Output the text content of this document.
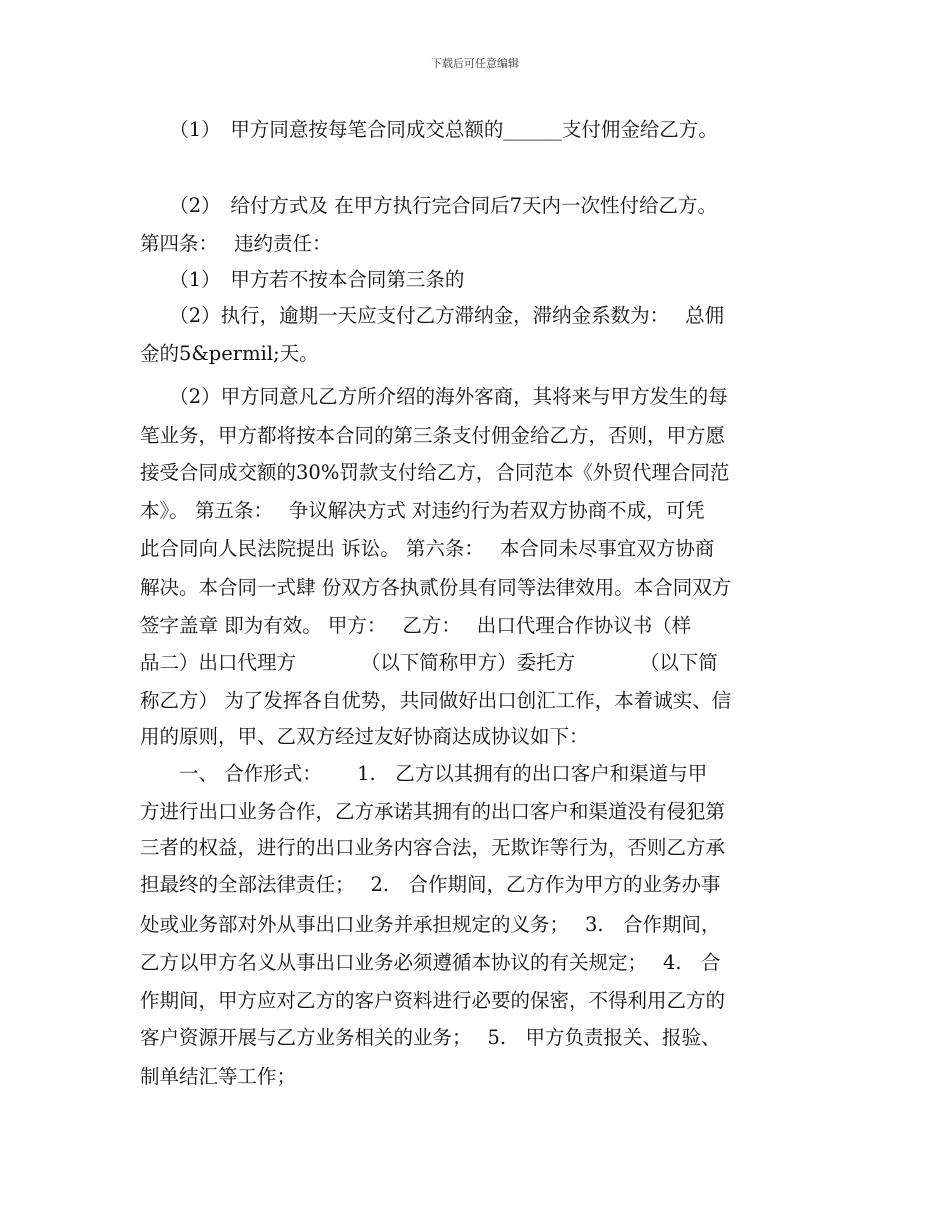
下载后可任意编辑
　　（1）　甲方同意按每笔合同成交总额的______支付佣金给乙方。
　　（2）　给付方式及 在甲方执行完合同后7天内一次性付给乙方。
第四条：　 违约责任：
　　（1）　甲方若不按本合同第三条的
　　（2）执行，逾期一天应支付乙方滞纳金，滞纳金系数为：　 总佣
金的5&permil;天。
　　（2）甲方同意凡乙方所介绍的海外客商，其将来与甲方发生的每
笔业务，甲方都将按本合同的第三条支付佣金给乙方，否则，甲方愿
接受合同成交额的30%罚款支付给乙方，合同范本《外贸代理合同范
本》。 第五条：　 争议解决方式 对违约行为若双方协商不成，可凭
此合同向人民法院提出 诉讼。 第六条：　 本合同未尽事宜双方协商
解决。本合同一式肆 份双方各执贰份具有同等法律效用。本合同双方
签字盖章 即为有效。 甲方：　 乙方：　 出口代理合作协议书（样
品二）出口代理方　　　 （以下简称甲方）委托方　　　 （以下简
称乙方） 为了发挥各自优势，共同做好出口创汇工作，本着诚实、信
用的原则，甲、乙双方经过友好协商达成协议如下：
　　一、 合作形式：　　 1.　乙方以其拥有的出口客户和渠道与甲
方进行出口业务合作，乙方承诺其拥有的出口客户和渠道没有侵犯第
三者的权益，进行的出口业务内容合法，无欺诈等行为，否则乙方承
担最终的全部法律责任；　 2.　合作期间，乙方作为甲方的业务办事
处或业务部对外从事出口业务并承担规定的义务；　 3.　合作期间，
乙方以甲方名义从事出口业务必须遵循本协议的有关规定；　 4.　合
作期间，甲方应对乙方的客户资料进行必要的保密，不得利用乙方的
客户资源开展与乙方业务相关的业务；　 5.　甲方负责报关、报验、
制单结汇等工作；
